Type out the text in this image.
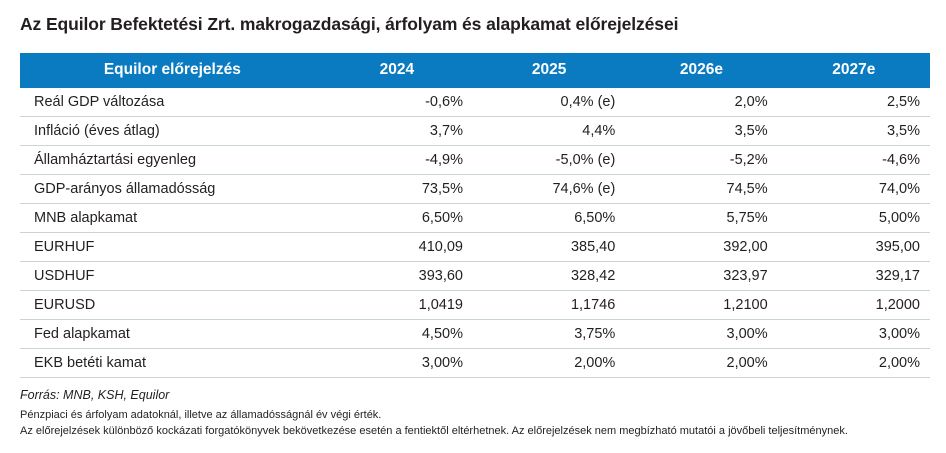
Az Equilor Befektetési Zrt. makrogazdasági, árfolyam és alapkamat előrejelzései
Equilor előrejelzés	2024	2025	2026e	2027e
Reál GDP változása	-0,6%	0,4% (e)	2,0%	2,5%
Infláció (éves átlag)	3,7%	4,4%	3,5%	3,5%
Államháztartási egyenleg	-4,9%	-5,0% (e)	-5,2%	-4,6%
GDP-arányos államadósság	73,5%	74,6% (e)	74,5%	74,0%
MNB alapkamat	6,50%	6,50%	5,75%	5,00%
EURHUF	410,09	385,40	392,00	395,00
USDHUF	393,60	328,42	323,97	329,17
EURUSD	1,0419	1,1746	1,2100	1,2000
Fed alapkamat	4,50%	3,75%	3,00%	3,00%
EKB betéti kamat	3,00%	2,00%	2,00%	2,00%
Forrás: MNB, KSH, Equilor
Pénzpiaci és árfolyam adatoknál, illetve az államadósságnál év végi érték.
Az előrejelzések különböző kockázati forgatókönyvek bekövetkezése esetén a fentiektől eltérhetnek. Az előrejelzések nem megbízható mutatói a jövőbeli teljesítménynek.
